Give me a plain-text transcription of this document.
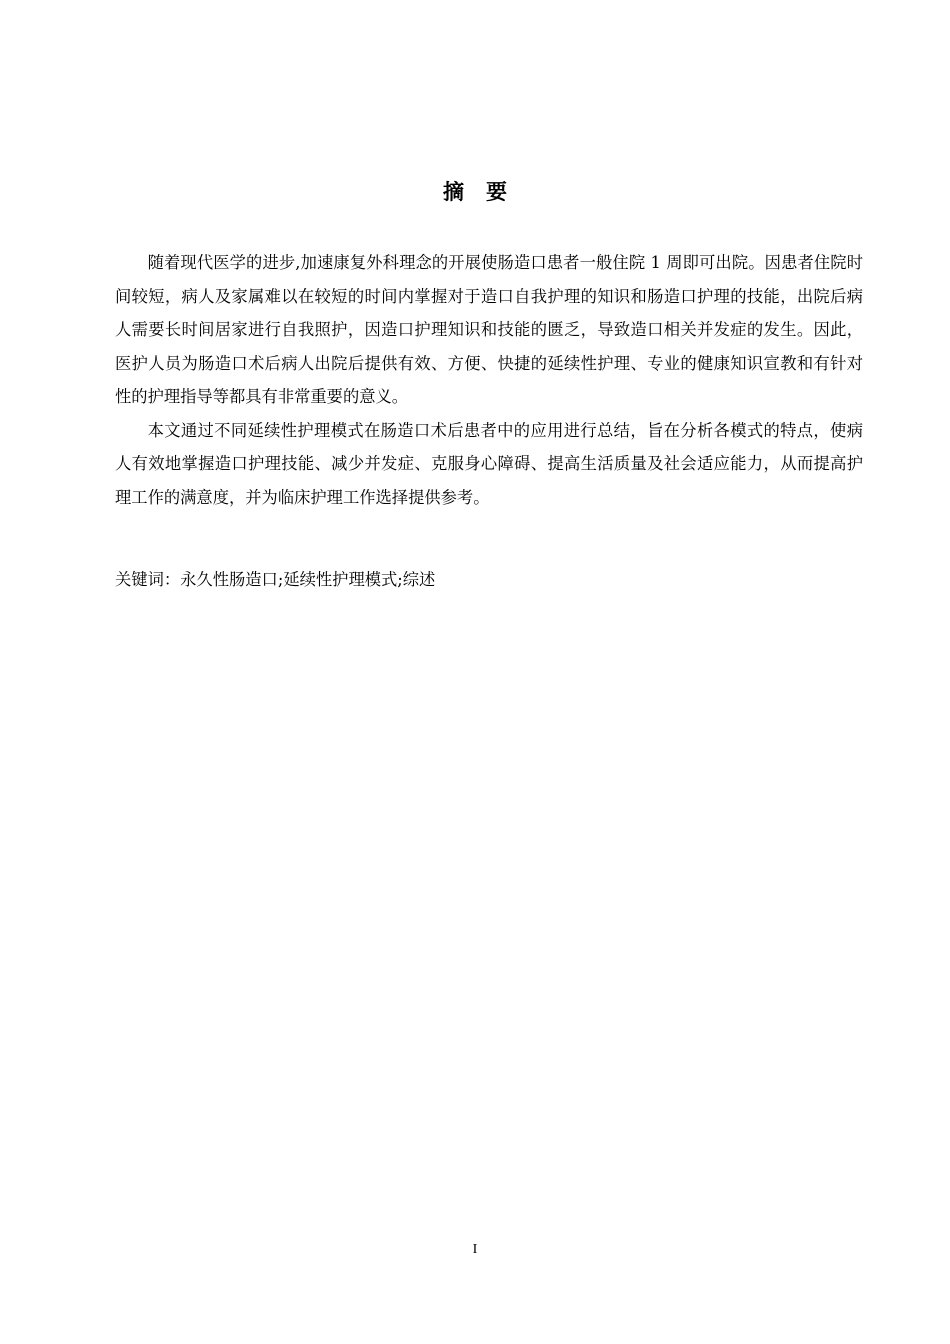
摘要

随着现代医学的进步,加速康复外科理念的开展使肠造口患者一般住院 1 周即可出院。因患者住院时间较短，病人及家属难以在较短的时间内掌握对于造口自我护理的知识和肠造口护理的技能，出院后病人需要长时间居家进行自我照护，因造口护理知识和技能的匮乏，导致造口相关并发症的发生。因此，医护人员为肠造口术后病人出院后提供有效、方便、快捷的延续性护理、专业的健康知识宣教和有针对性的护理指导等都具有非常重要的意义。

本文通过不同延续性护理模式在肠造口术后患者中的应用进行总结，旨在分析各模式的特点，使病人有效地掌握造口护理技能、减少并发症、克服身心障碍、提高生活质量及社会适应能力，从而提高护理工作的满意度，并为临床护理工作选择提供参考。

关键词：永久性肠造口;延续性护理模式;综述
I
